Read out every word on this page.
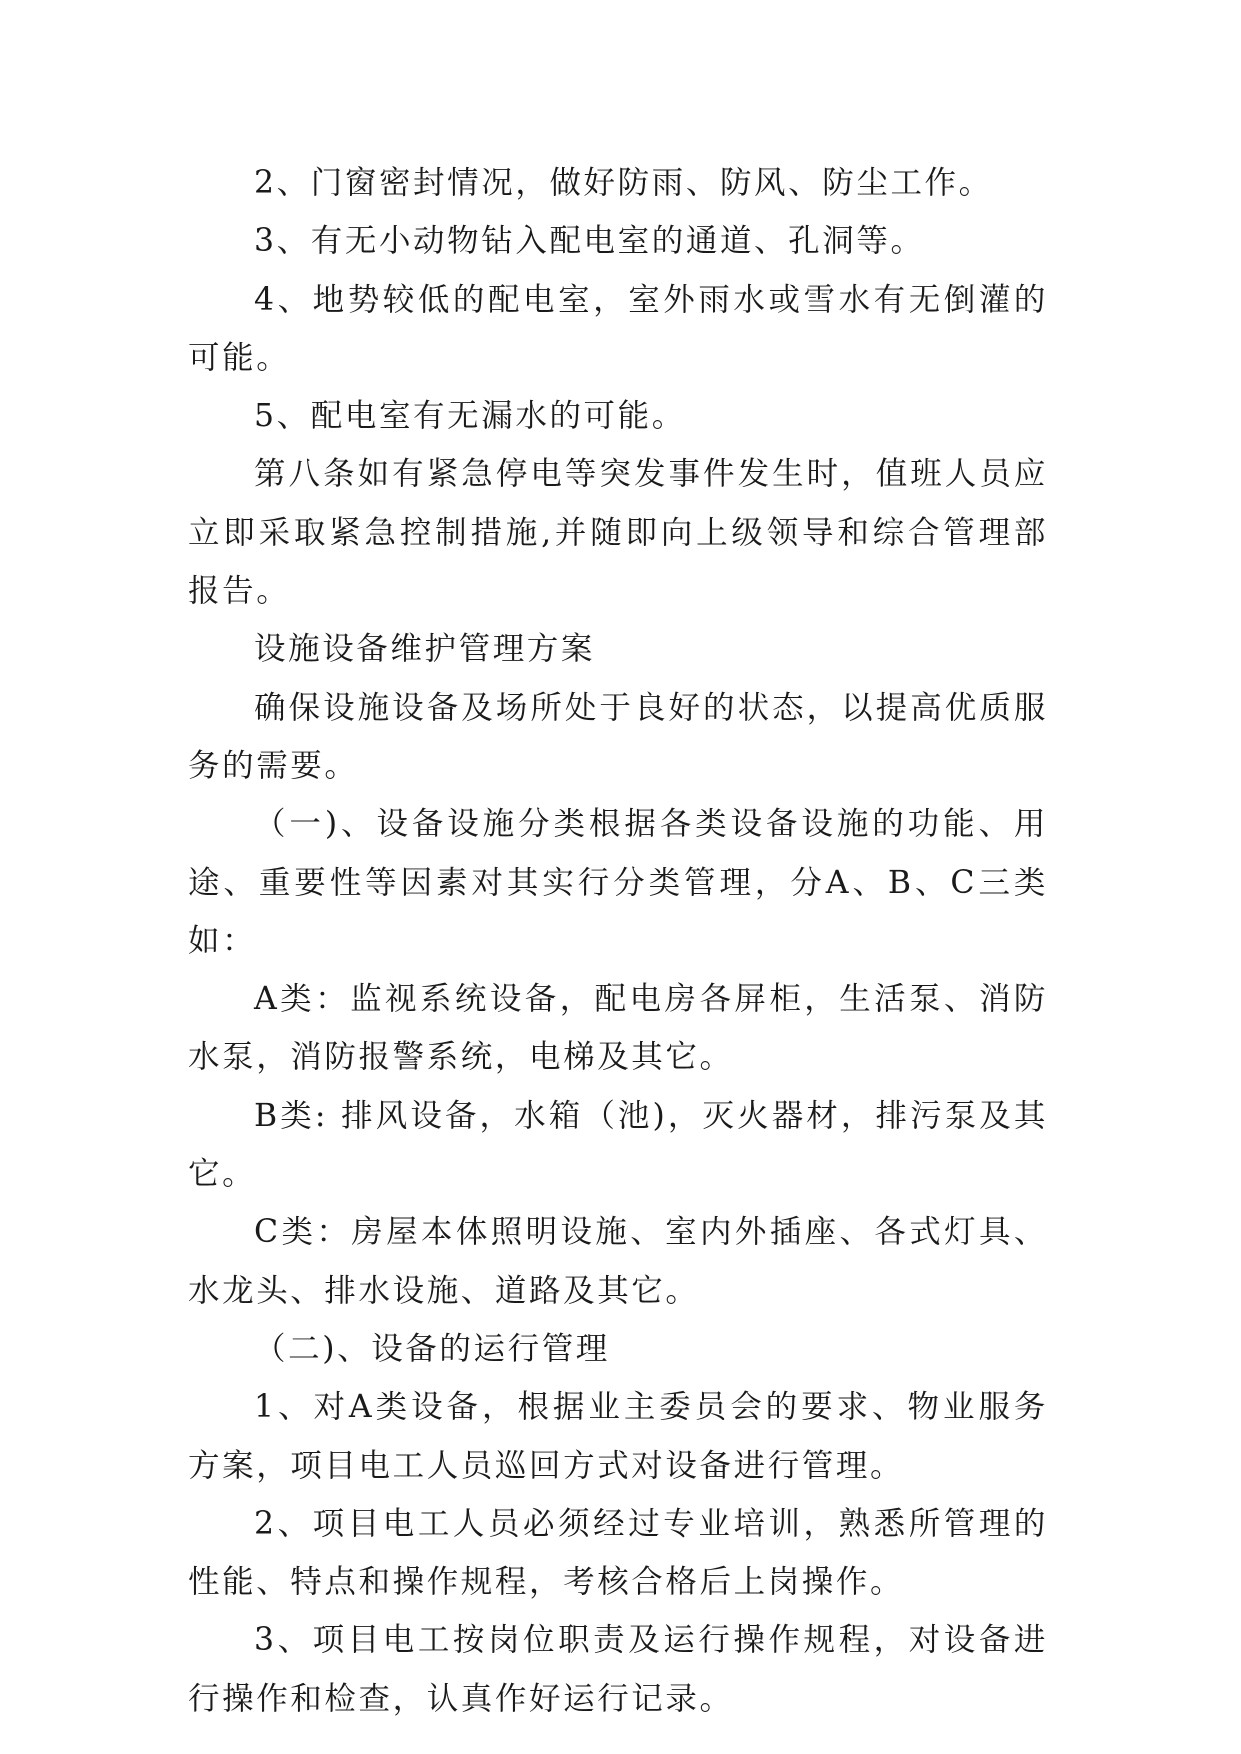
2、门窗密封情况，做好防雨、防风、防尘工作。

3、有无小动物钻入配电室的通道、孔洞等。

4、地势较低的配电室，室外雨水或雪水有无倒灌的可能。

5、配电室有无漏水的可能。

第八条如有紧急停电等突发事件发生时，值班人员应立即采取紧急控制措施,并随即向上级领导和综合管理部报告。

设施设备维护管理方案

确保设施设备及场所处于良好的状态，以提高优质服务的需要。

（一)、设备设施分类根据各类设备设施的功能、用途、重要性等因素对其实行分类管理，分A、B、C三类如：

A类：监视系统设备，配电房各屏柜，生活泵、消防水泵，消防报警系统，电梯及其它。

B类: 排风设备，水箱（池)，灭火器材，排污泵及其它。

C类：房屋本体照明设施、室内外插座、各式灯具、水龙头、排水设施、道路及其它。

（二)、设备的运行管理

1、对A类设备，根据业主委员会的要求、物业服务方案，项目电工人员巡回方式对设备进行管理。

2、项目电工人员必须经过专业培训，熟悉所管理的性能、特点和操作规程，考核合格后上岗操作。

3、项目电工按岗位职责及运行操作规程，对设备进行操作和检查，认真作好运行记录。
